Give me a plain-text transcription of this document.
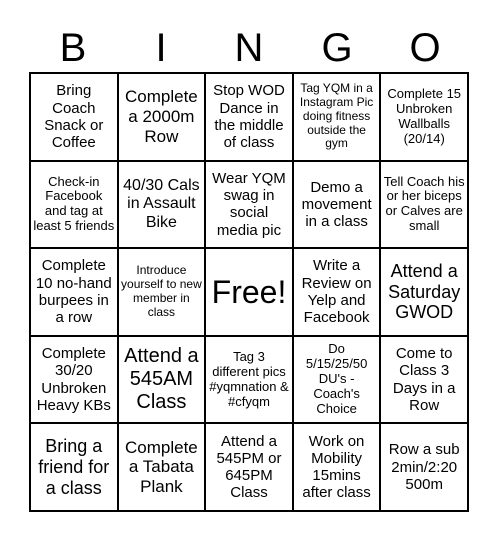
B	I	N	G	O
Bring Coach Snack or Coffee
Complete a 2000m Row
Stop WOD Dance in the middle of class
Tag YQM in a Instagram Pic doing fitness outside the gym
Complete 15 Unbroken Wallballs (20/14)
Check-in Facebook and tag at least 5 friends
40/30 Cals in Assault Bike
Wear YQM swag in social media pic
Demo a movement in a class
Tell Coach his or her biceps or Calves are small
Complete 10 no-hand burpees in a row
Introduce yourself to new member in class
Free!
Write a Review on Yelp and Facebook
Attend a Saturday GWOD
Complete 30/20 Unbroken Heavy KBs
Attend a 545AM Class
Tag 3 different pics #yqmnation & #cfyqm
Do 5/15/25/50 DU's - Coach's Choice
Come to Class 3 Days in a Row
Bring a friend for a class
Complete a Tabata Plank
Attend a 545PM or 645PM Class
Work on Mobility 15mins after class
Row a sub 2min/2:20 500m
